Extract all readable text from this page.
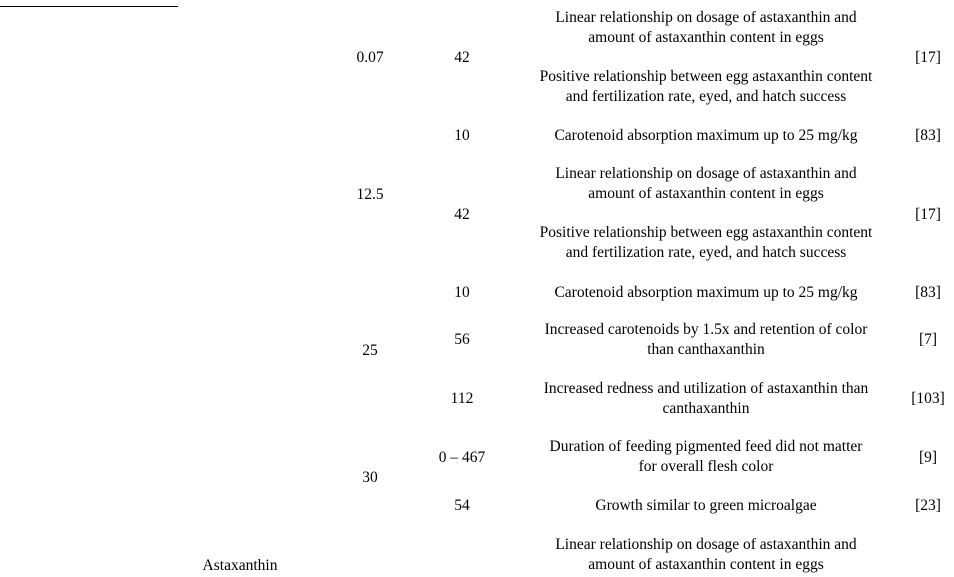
Astaxanthin
0.07
12.5
25
30
42
10
42
10
56
112
0 – 467
54
Linear relationship on dosage of astaxanthin and
amount of astaxanthin content in eggs
Positive relationship between egg astaxanthin content
and fertilization rate, eyed, and hatch success
Carotenoid absorption maximum up to 25 mg/kg
Linear relationship on dosage of astaxanthin and
amount of astaxanthin content in eggs
Positive relationship between egg astaxanthin content
and fertilization rate, eyed, and hatch success
Carotenoid absorption maximum up to 25 mg/kg
Increased carotenoids by 1.5x and retention of color
than canthaxanthin
Increased redness and utilization of astaxanthin than
canthaxanthin
Duration of feeding pigmented feed did not matter
for overall flesh color
Growth similar to green microalgae
Linear relationship on dosage of astaxanthin and
amount of astaxanthin content in eggs
[17]
[83]
[17]
[83]
[7]
[103]
[9]
[23]
